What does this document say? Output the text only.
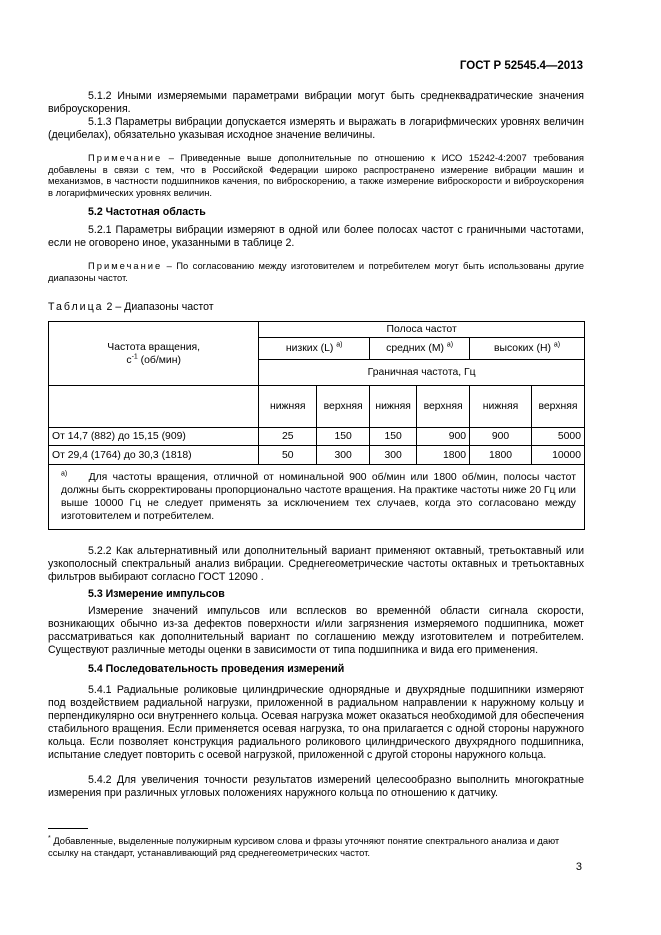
ГОСТ Р 52545.4—2013
5.1.2 Иными измеряемыми параметрами вибрации могут быть среднеквадратические значения виброускорения.
5.1.3 Параметры вибрации допускается измерять и выражать в логарифмических уровнях величин (децибелах), обязательно указывая исходное значение величины.
Примечание – Приведенные выше дополнительные по отношению к ИСО 15242-4:2007 требования добавлены в связи с тем, что в Российской Федерации широко распространено измерение вибрации машин и механизмов, в частности подшипников качения, по виброскорению, а также измерение виброскорости и виброускорения в логарифмических уровнях величин.
5.2 Частотная область
5.2.1 Параметры вибрации измеряют в одной или более полосах частот с граничными частотами, если не оговорено иное, указанными в таблице 2.
Примечание – По согласованию между изготовителем и потребителем могут быть использованы другие диапазоны частот.
Таблица 2 – Диапазоны частот
Частота вращения,
$с^{-1}$ (об/мин)	Полоса частот					
	низких (L) $^{а)}$		средних (M) $^{а)}$		высоких (H) $^{а)}$
	Граничная частота, Гц					
	нижняя	верхняя	нижняя	верхняя	нижняя	верхняя
От 14,7 (882) до 15,15 (909)	25	150	150	900	900	5000
От 29,4 (1764) до 30,3 (1818)	50	300	300	1800	1800	10000
$^{а)}$ Для частоты вращения, отличной от номинальной 900 об/мин или 1800 об/мин, полосы частот должны быть скорректированы пропорционально частоте вращения. На практике частоты ниже 20 Гц или выше 10000 Гц не следует применять за исключением тех случаев, когда это согласовано между изготовителем и потребителем.						
5.2.2 Как альтернативный или дополнительный вариант применяют октавный, третьоктавный или узкополосный спектральный анализ вибрации. Среднегеометрические частоты октавных и третьоктавных фильтров выбирают согласно ГОСТ 12090 .
5.3 Измерение импульсов
Измерение значений импульсов или всплесков во временно́й области сигнала скорости, возникающих обычно из-за дефектов поверхности и/или загрязнения измеряемого подшипника, может рассматриваться как дополнительный вариант по соглашению между изготовителем и потребителем. Существуют различные методы оценки в зависимости от типа подшипника и вида его применения.
5.4 Последовательность проведения измерений
5.4.1 Радиальные роликовые цилиндрические однорядные и двухрядные подшипники измеряют под воздействием радиальной нагрузки, приложенной в радиальном направлении к наружному кольцу и перпендикулярно оси внутреннего кольца. Осевая нагрузка может оказаться необходимой для обеспечения стабильного вращения. Если применяется осевая нагрузка, то она прилагается с одной стороны наружного кольца. Если позволяет конструкция радиального роликового цилиндрического двухрядного подшипника, испытание следует повторить с осевой нагрузкой, приложенной с другой стороны наружного кольца.
5.4.2 Для увеличения точности результатов измерений целесообразно выполнить многократные измерения при различных угловых положениях наружного кольца по отношению к датчику.
* Добавленные, выделенные полужирным курсивом слова и фразы уточняют понятие спектрального анализа и дают ссылку на стандарт, устанавливающий ряд среднегеометрических частот.
3
